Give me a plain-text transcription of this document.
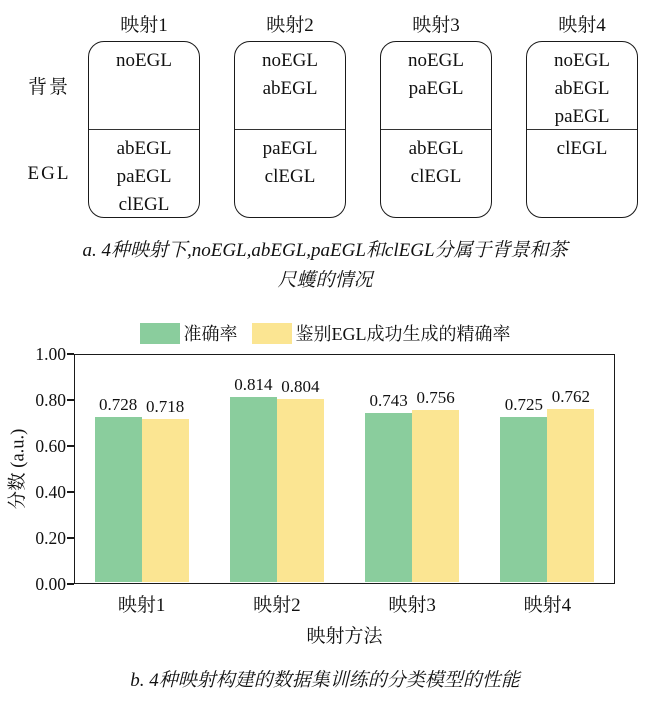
背景
EGL
映射1
noEGL
abEGL
paEGL
clEGL
映射2
noEGL
abEGL
paEGL
clEGL
映射3
noEGL
paEGL
abEGL
clEGL
映射4
noEGL
abEGL
paEGL
clEGL
a. 4种映射下,noEGL,abEGL,paEGL和clEGL分属于背景和茶
尺蠖的情况
准确率	鉴别EGL成功生成的精确率
分数 (a.u.)
0.00
0.20
0.40
0.60
0.80
1.00
0.728 0.718
映射1
0.814 0.804
映射2
0.743 0.756
映射3
0.725 0.762
映射4
映射方法
b. 4种映射构建的数据集训练的分类模型的性能
